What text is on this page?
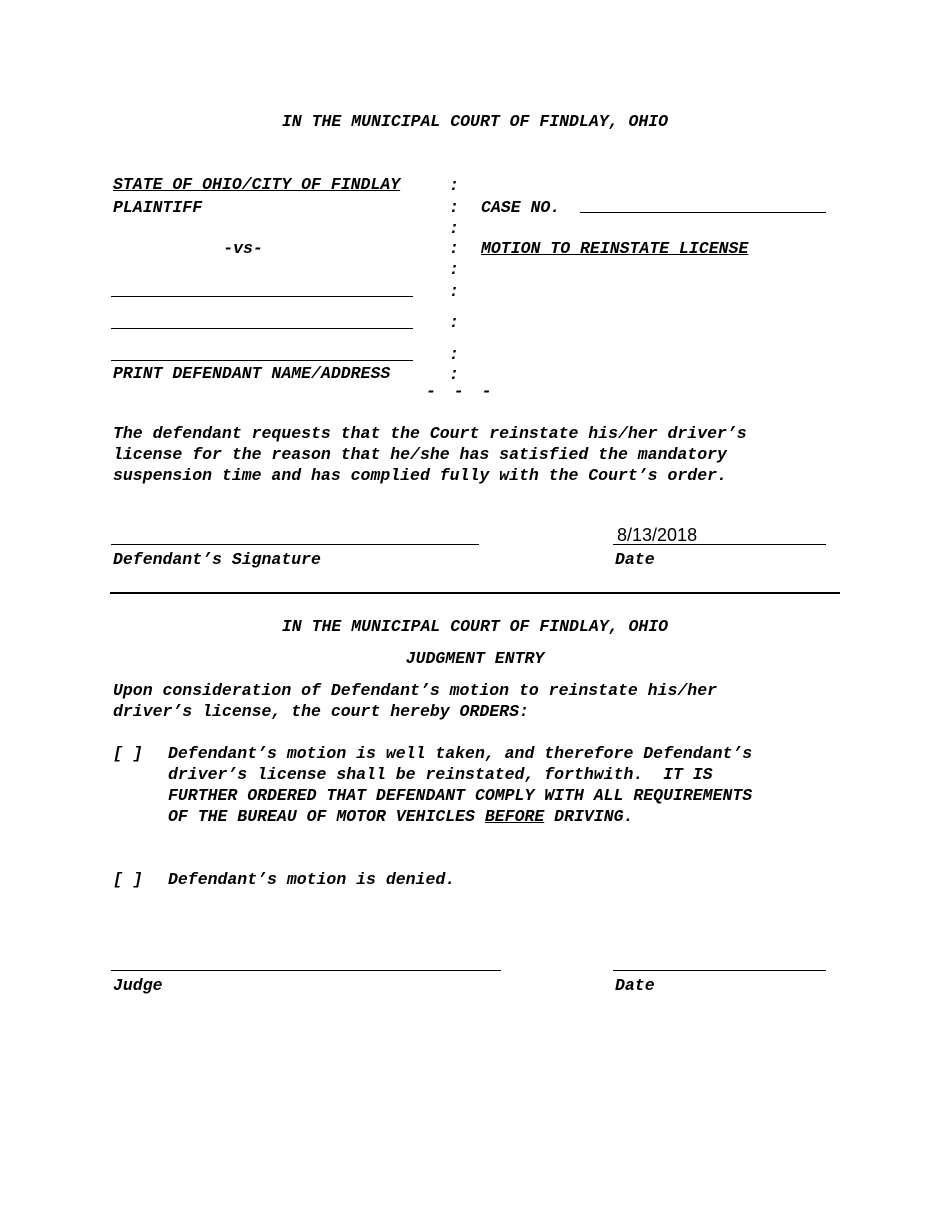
IN THE MUNICIPAL COURT OF FINDLAY, OHIO
STATE OF OHIO/CITY OF FINDLAY
PLAINTIFF
-vs-
PRINT DEFENDANT NAME/ADDRESS
:
:
:
:
:
:
:
:
:
- - -
CASE NO.
MOTION TO REINSTATE LICENSE
The defendant requests that the Court reinstate his/her driver’s
license for the reason that he/she has satisfied the mandatory
suspension time and has complied fully with the Court’s order.
Defendant’s Signature
8/13/2018
Date
IN THE MUNICIPAL COURT OF FINDLAY, OHIO
JUDGMENT ENTRY
Upon consideration of Defendant’s motion to reinstate his/her
driver’s license, the court hereby ORDERS:
[ ] Defendant’s motion is well taken, and therefore Defendant’s
driver’s license shall be reinstated, forthwith.  IT IS
FURTHER ORDERED THAT DEFENDANT COMPLY WITH ALL REQUIREMENTS
OF THE BUREAU OF MOTOR VEHICLES BEFORE DRIVING.
[ ] Defendant’s motion is denied.
Judge	Date
